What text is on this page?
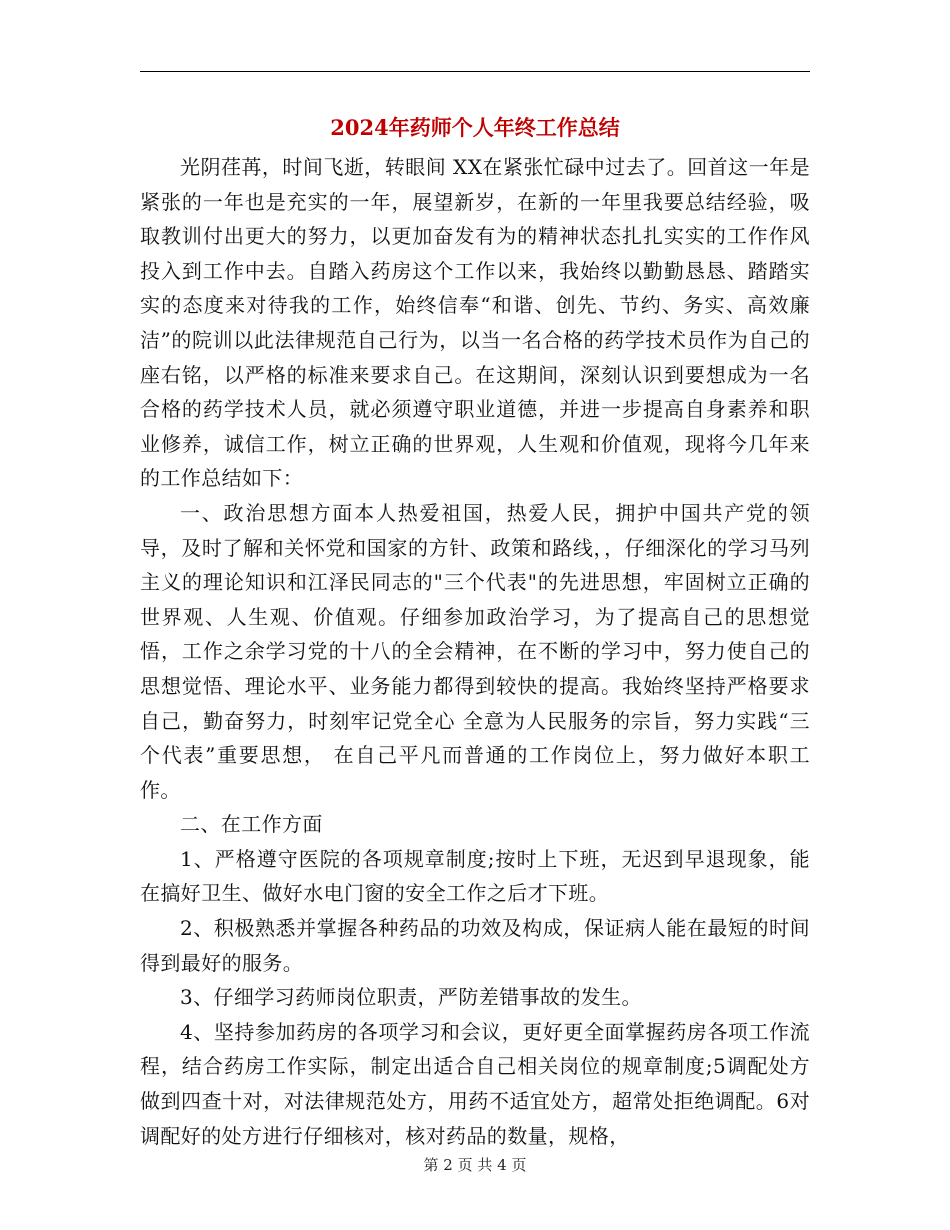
2024年药师个人年终工作总结

光阴荏苒，时间飞逝，转眼间 XX在紧张忙碌中过去了。回首这一年是紧张的一年也是充实的一年，展望新岁，在新的一年里我要总结经验，吸取教训付出更大的努力，以更加奋发有为的精神状态扎扎实实的工作作风投入到工作中去。自踏入药房这个工作以来，我始终以勤勤恳恳、踏踏实实的态度来对待我的工作，始终信奉“和谐、创先、节约、务实、高效廉洁”的院训以此法律规范自己行为，以当一名合格的药学技术员作为自己的座右铭，以严格的标准来要求自己。在这期间，深刻认识到要想成为一名合格的药学技术人员，就必须遵守职业道德，并进一步提高自身素养和职业修养，诚信工作，树立正确的世界观，人生观和价值观，现将今几年来的工作总结如下：

一、政治思想方面本人热爱祖国，热爱人民，拥护中国共产党的领导，及时了解和关怀党和国家的方针、政策和路线，，仔细深化的学习马列主义的理论知识和江泽民同志的"三个代表"的先进思想，牢固树立正确的世界观、人生观、价值观。仔细参加政治学习，为了提高自己的思想觉悟，工作之余学习党的十八的全会精神，在不断的学习中，努力使自己的思想觉悟、理论水平、业务能力都得到较快的提高。我始终坚持严格要求自己，勤奋努力，时刻牢记党全心 全意为人民服务的宗旨，努力实践“三个代表”重要思想， 在自己平凡而普通的工作岗位上，努力做好本职工作。

二、在工作方面

1、严格遵守医院的各项规章制度;按时上下班，无迟到早退现象，能在搞好卫生、做好水电门窗的安全工作之后才下班。

2、积极熟悉并掌握各种药品的功效及构成，保证病人能在最短的时间得到最好的服务。

3、仔细学习药师岗位职责，严防差错事故的发生。

4、坚持参加药房的各项学习和会议，更好更全面掌握药房各项工作流程，结合药房工作实际，制定出适合自己相关岗位的规章制度;5调配处方做到四查十对，对法律规范处方，用药不适宜处方，超常处拒绝调配。6对调配好的处方进行仔细核对，核对药品的数量，规格，

第 2 页 共 4 页
